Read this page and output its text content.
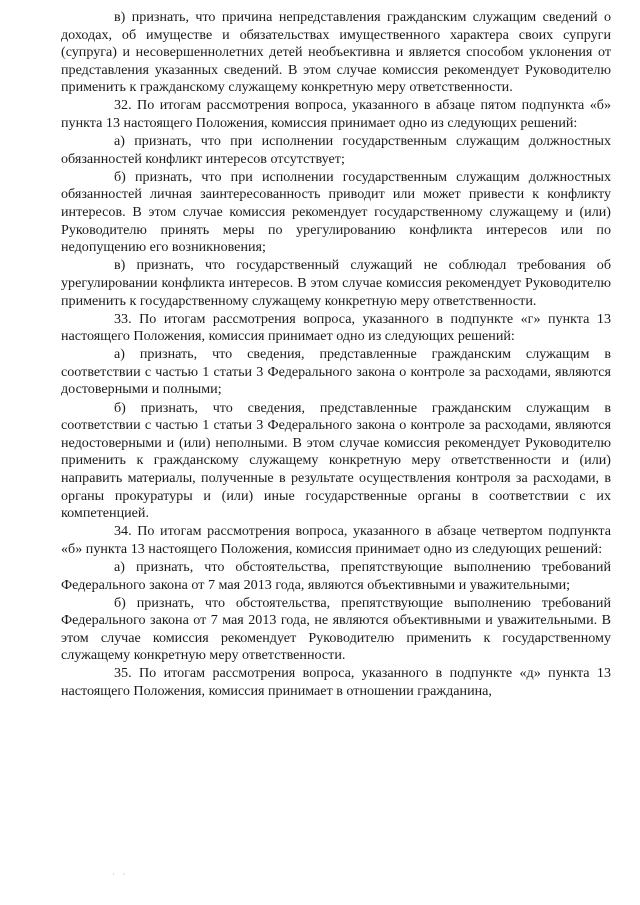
в) признать, что причина непредставления гражданским служащим сведений о доходах, об имуществе и обязательствах имущественного характера своих супруги (супруга) и несовершеннолетних детей необъективна и является способом уклонения от представления указанных сведений. В этом случае комиссия рекомендует Руководителю применить к гражданскому служащему конкретную меру ответственности.

32. По итогам рассмотрения вопроса, указанного в абзаце пятом подпункта «б» пункта 13 настоящего Положения, комиссия принимает одно из следующих решений:

а) признать, что при исполнении государственным служащим должностных обязанностей конфликт интересов отсутствует;

б) признать, что при исполнении государственным служащим должностных обязанностей личная заинтересованность приводит или может привести к конфликту интересов. В этом случае комиссия рекомендует государственному служащему и (или) Руководителю принять меры по урегулированию конфликта интересов или по недопущению его возникновения;

в) признать, что государственный служащий не соблюдал требования об урегулировании конфликта интересов. В этом случае комиссия рекомендует Руководителю применить к государственному служащему конкретную меру ответственности.

33. По итогам рассмотрения вопроса, указанного в подпункте «г» пункта 13 настоящего Положения, комиссия принимает одно из следующих решений:

а) признать, что сведения, представленные гражданским служащим в соответствии с частью 1 статьи 3 Федерального закона о контроле за расходами, являются достоверными и полными;

б) признать, что сведения, представленные гражданским служащим в соответствии с частью 1 статьи 3 Федерального закона о контроле за расходами, являются недостоверными и (или) неполными. В этом случае комиссия рекомендует Руководителю применить к гражданскому служащему конкретную меру ответственности и (или) направить материалы, полученные в результате осуществления контроля за расходами, в органы прокуратуры и (или) иные государственные органы в соответствии с их компетенцией.

34. По итогам рассмотрения вопроса, указанного в абзаце четвертом подпункта «б» пункта 13 настоящего Положения, комиссия принимает одно из следующих решений:

а) признать, что обстоятельства, препятствующие выполнению требований Федерального закона от 7 мая 2013 года, являются объективными и уважительными;

б) признать, что обстоятельства, препятствующие выполнению требований Федерального закона от 7 мая 2013 года, не являются объективными и уважительными. В этом случае комиссия рекомендует Руководителю применить к государственному служащему конкретную меру ответственности.

35. По итогам рассмотрения вопроса, указанного в подпункте «д» пункта 13 настоящего Положения, комиссия принимает в отношении гражданина,

· ·
